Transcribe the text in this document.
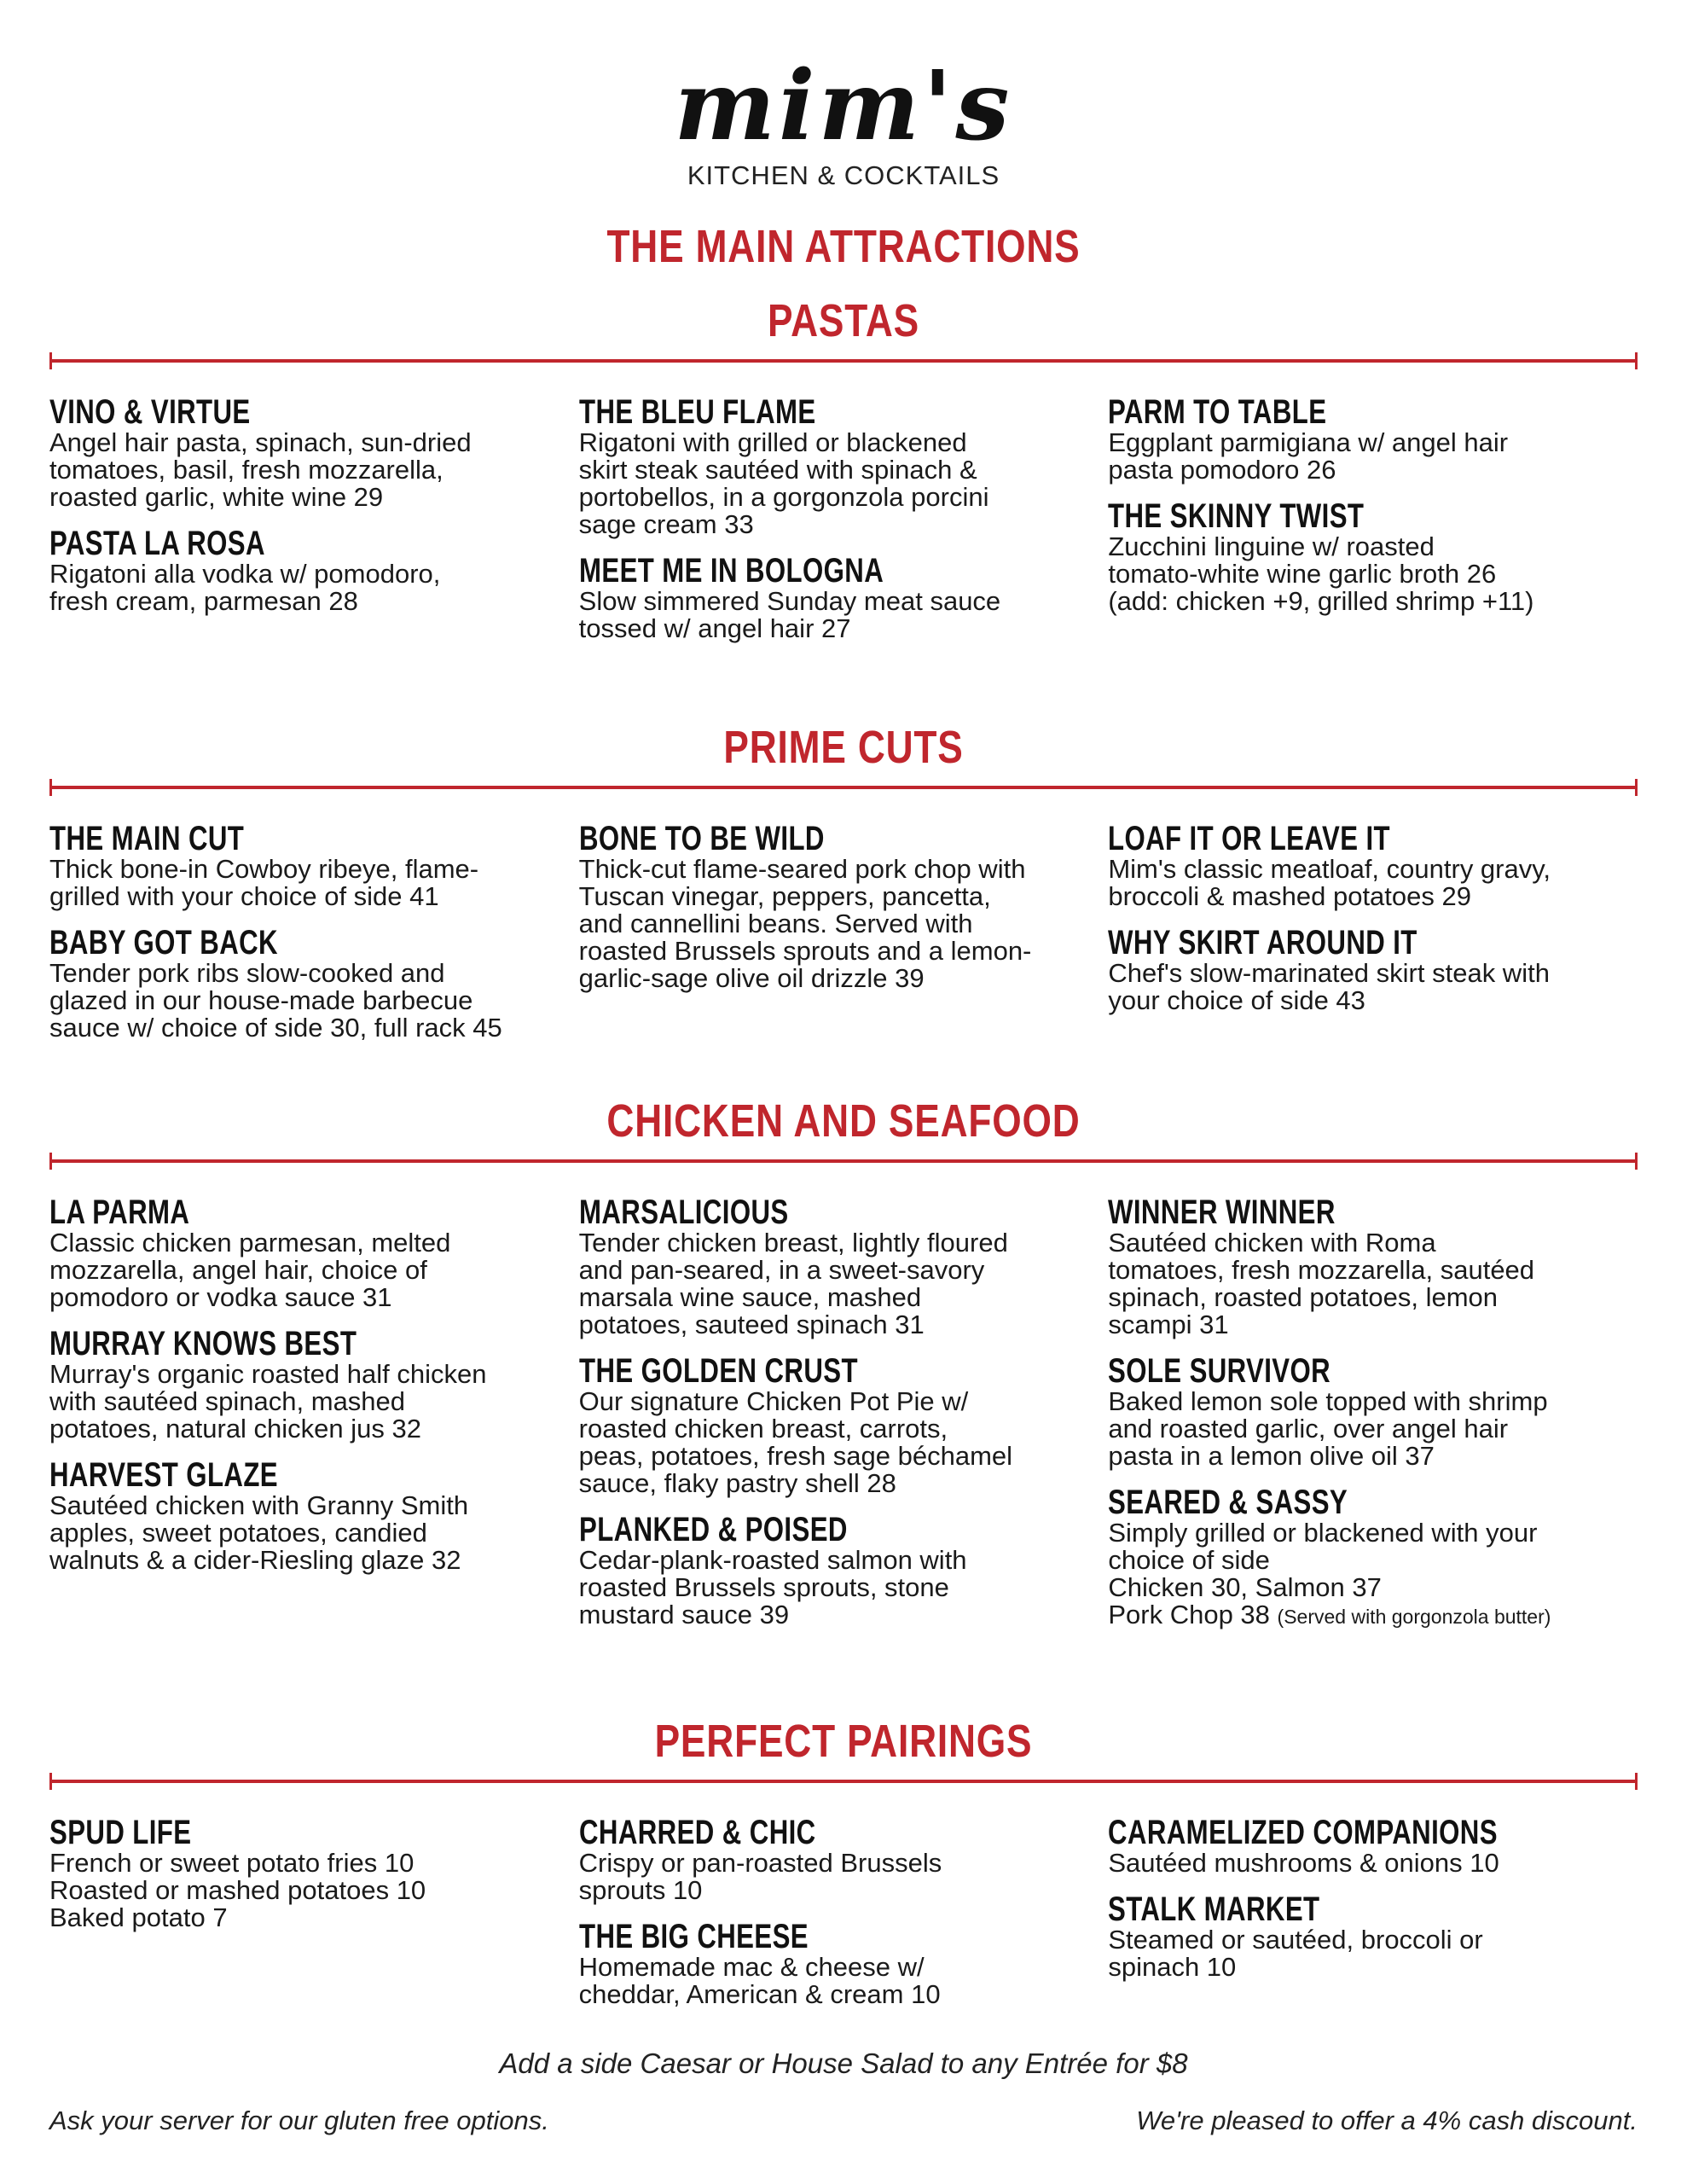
mim's
KITCHEN & COCKTAILS
THE MAIN ATTRACTIONS
PASTAS
VINO & VIRTUE
Angel hair pasta, spinach, sun-dried
tomatoes, basil, fresh mozzarella,
roasted garlic, white wine 29
PASTA LA ROSA
Rigatoni alla vodka w/ pomodoro,
fresh cream, parmesan 28
THE BLEU FLAME
Rigatoni with grilled or blackened
skirt steak sautéed with spinach &
portobellos, in a gorgonzola porcini
sage cream 33
MEET ME IN BOLOGNA
Slow simmered Sunday meat sauce
tossed w/ angel hair 27
PARM TO TABLE
Eggplant parmigiana w/ angel hair
pasta pomodoro 26
THE SKINNY TWIST
Zucchini linguine w/ roasted
tomato-white wine garlic broth 26
(add: chicken +9, grilled shrimp +11)
PRIME CUTS
THE MAIN CUT
Thick bone-in Cowboy ribeye, flame-
grilled with your choice of side 41
BABY GOT BACK
Tender pork ribs slow-cooked and
glazed in our house-made barbecue
sauce w/ choice of side 30, full rack 45
BONE TO BE WILD
Thick-cut flame-seared pork chop with
Tuscan vinegar, peppers, pancetta,
and cannellini beans. Served with
roasted Brussels sprouts and a lemon-
garlic-sage olive oil drizzle 39
LOAF IT OR LEAVE IT
Mim's classic meatloaf, country gravy,
broccoli & mashed potatoes 29
WHY SKIRT AROUND IT
Chef's slow-marinated skirt steak with
your choice of side 43
CHICKEN AND SEAFOOD
LA PARMA
Classic chicken parmesan, melted
mozzarella, angel hair, choice of
pomodoro or vodka sauce 31
MURRAY KNOWS BEST
Murray's organic roasted half chicken
with sautéed spinach, mashed
potatoes, natural chicken jus 32
HARVEST GLAZE
Sautéed chicken with Granny Smith
apples, sweet potatoes, candied
walnuts & a cider-Riesling glaze 32
MARSALICIOUS
Tender chicken breast, lightly floured
and pan-seared, in a sweet-savory
marsala wine sauce, mashed
potatoes, sauteed spinach 31
THE GOLDEN CRUST
Our signature Chicken Pot Pie w/
roasted chicken breast, carrots,
peas, potatoes, fresh sage béchamel
sauce, flaky pastry shell 28
PLANKED & POISED
Cedar-plank-roasted salmon with
roasted Brussels sprouts, stone
mustard sauce 39
WINNER WINNER
Sautéed chicken with Roma
tomatoes, fresh mozzarella, sautéed
spinach, roasted potatoes, lemon
scampi 31
SOLE SURVIVOR
Baked lemon sole topped with shrimp
and roasted garlic, over angel hair
pasta in a lemon olive oil 37
SEARED & SASSY
Simply grilled or blackened with your
choice of side
Chicken 30, Salmon 37
Pork Chop 38 (Served with gorgonzola butter)
PERFECT PAIRINGS
SPUD LIFE
French or sweet potato fries 10
Roasted or mashed potatoes 10
Baked potato 7
CHARRED & CHIC
Crispy or pan-roasted Brussels
sprouts 10
THE BIG CHEESE
Homemade mac & cheese w/
cheddar, American & cream 10
CARAMELIZED COMPANIONS
Sautéed mushrooms & onions 10
STALK MARKET
Steamed or sautéed, broccoli or
spinach 10
Add a side Caesar or House Salad to any Entrée for $8
Ask your server for our gluten free options.	We're pleased to offer a 4% cash discount.
